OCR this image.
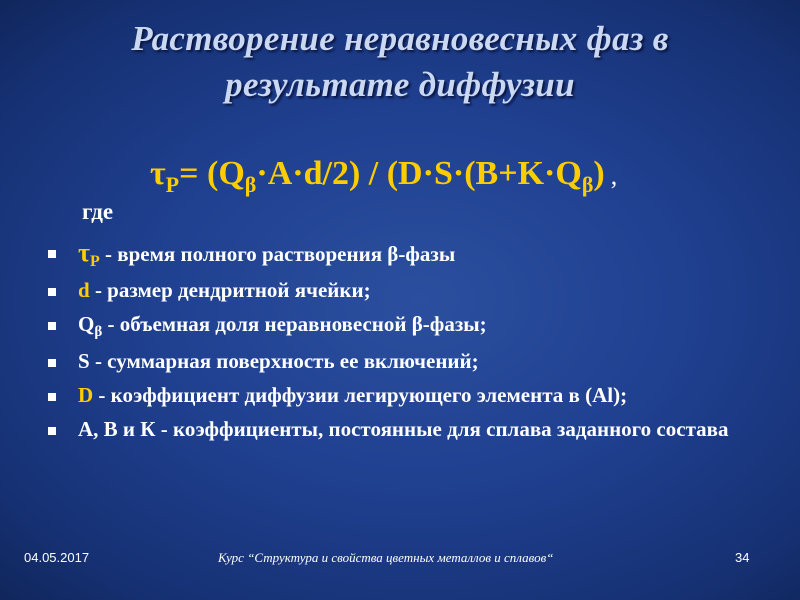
Растворение неравновесных фаз в
результате диффузии
$\tau_P= (Q_\beta\cdot A\cdot d/2) / (D\cdot S\cdot(B+K\cdot Q_\beta)$ ,
где
τP - время полного растворения β-фазы
d - размер дендритной ячейки;
$Q_\beta$ - объемная доля неравновесной β-фазы;
S - суммарная поверхность ее включений;
D - коэффициент диффузии легирующего элемента в (Al);
А, В и К - коэффициенты, постоянные для сплава заданного состава
04.05.2017	Курс “Структура и свойства цветных металлов и сплавов“	34
